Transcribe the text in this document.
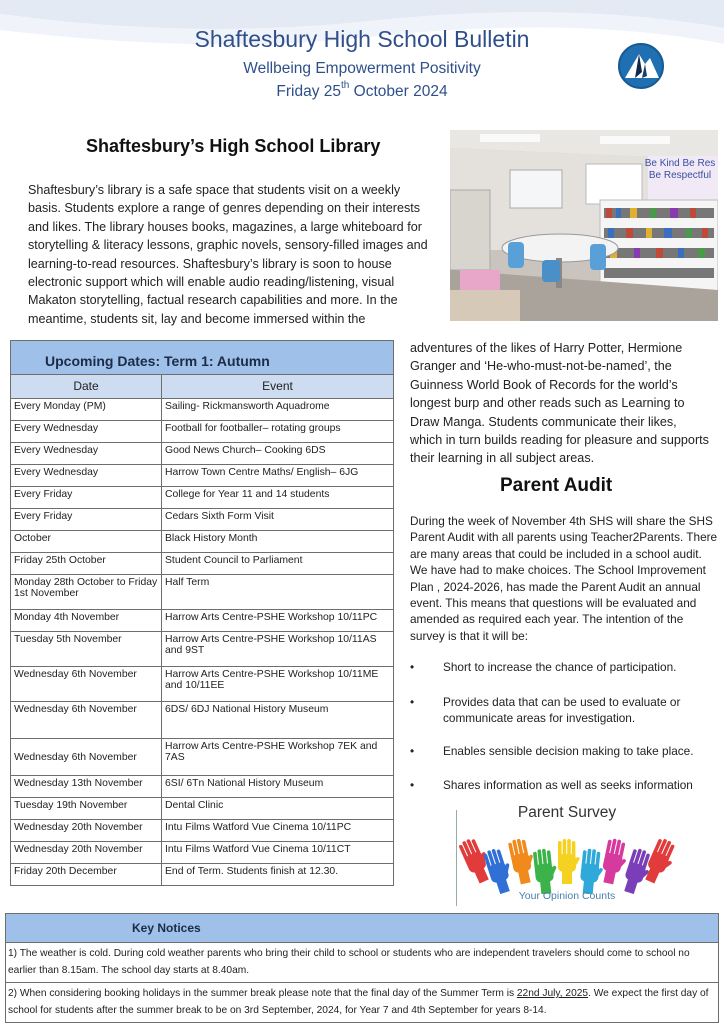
Shaftesbury High School Bulletin
Wellbeing Empowerment Positivity
Friday 25th October 2024
Shaftesbury’s High School Library
Shaftesbury’s library is a safe space that students visit on a weekly basis. Students explore a range of genres depending on their interests and likes. The library houses books, magazines, a large whiteboard for storytelling & literacy lessons, graphic novels, sensory-filled images and learning-to-read resources. Shaftesbury’s library is soon to house electronic support which will enable audio reading/listening, visual Makaton storytelling, factual research capabilities and more. In the meantime, students sit, lay and become immersed within the
Be Kind Be Res
Be Respectful
adventures of the likes of Harry Potter, Hermione Granger and ‘He-who-must-not-be-named’, the Guinness World Book of Records for the world’s longest burp and other reads such as Learning to Draw Manga. Students communicate their likes, which in turn builds reading for pleasure and supports their learning in all subject areas.
Upcoming Dates: Term 1: Autumn
Date	Event
Every Monday (PM)	Sailing- Rickmansworth Aquadrome
Every Wednesday	Football for footballer– rotating groups
Every Wednesday	Good News Church– Cooking 6DS
Every Wednesday	Harrow Town Centre Maths/ English– 6JG
Every Friday	College for Year 11 and 14 students
Every Friday	Cedars Sixth Form Visit
October	Black History Month
Friday 25th October	Student Council to Parliament
Monday 28th October to Friday 1st November	Half Term
Monday 4th November	Harrow Arts Centre-PSHE Workshop 10/11PC
Tuesday 5th November	Harrow Arts Centre-PSHE Workshop 10/11AS and 9ST
Wednesday 6th November	Harrow Arts Centre-PSHE Workshop 10/11ME and 10/11EE
Wednesday 6th November	6DS/ 6DJ National History Museum
Wednesday 6th November	Harrow Arts Centre-PSHE Workshop 7EK and 7AS
Wednesday 13th November	6SI/ 6Tn National History Museum
Tuesday 19th November	Dental Clinic
Wednesday 20th November	Intu Films Watford Vue Cinema 10/11PC
Wednesday 20th November	Intu Films Watford Vue Cinema 10/11CT
Friday 20th December	End of Term. Students finish at 12.30.
Parent Audit
During the week of November 4th SHS will share the SHS Parent Audit with all parents using Teacher2Parents. There are many areas that could be included in a school audit. We have had to make choices. The School Improvement Plan , 2024-2026, has made the Parent Audit an annual event. This means that questions will be evaluated and amended as required each year. The intention of the survey is that it will be:
• Short to increase the chance of participation.
• Provides data that can be used to evaluate or communicate areas for investigation.
• Enables sensible decision making to take place.
• Shares information as well as seeks information
Parent Survey
Your Opinion Counts
Key Notices
1) The weather is cold. During cold weather parents who bring their child to school or students who are independent travelers should come to school no earlier than 8.15am. The school day starts at 8.40am.
2) When considering booking holidays in the summer break please note that the final day of the Summer Term is 22nd July, 2025. We expect the first day of school for students after the summer break to be on 3rd September, 2024, for Year 7 and 4th September for years 8-14.
